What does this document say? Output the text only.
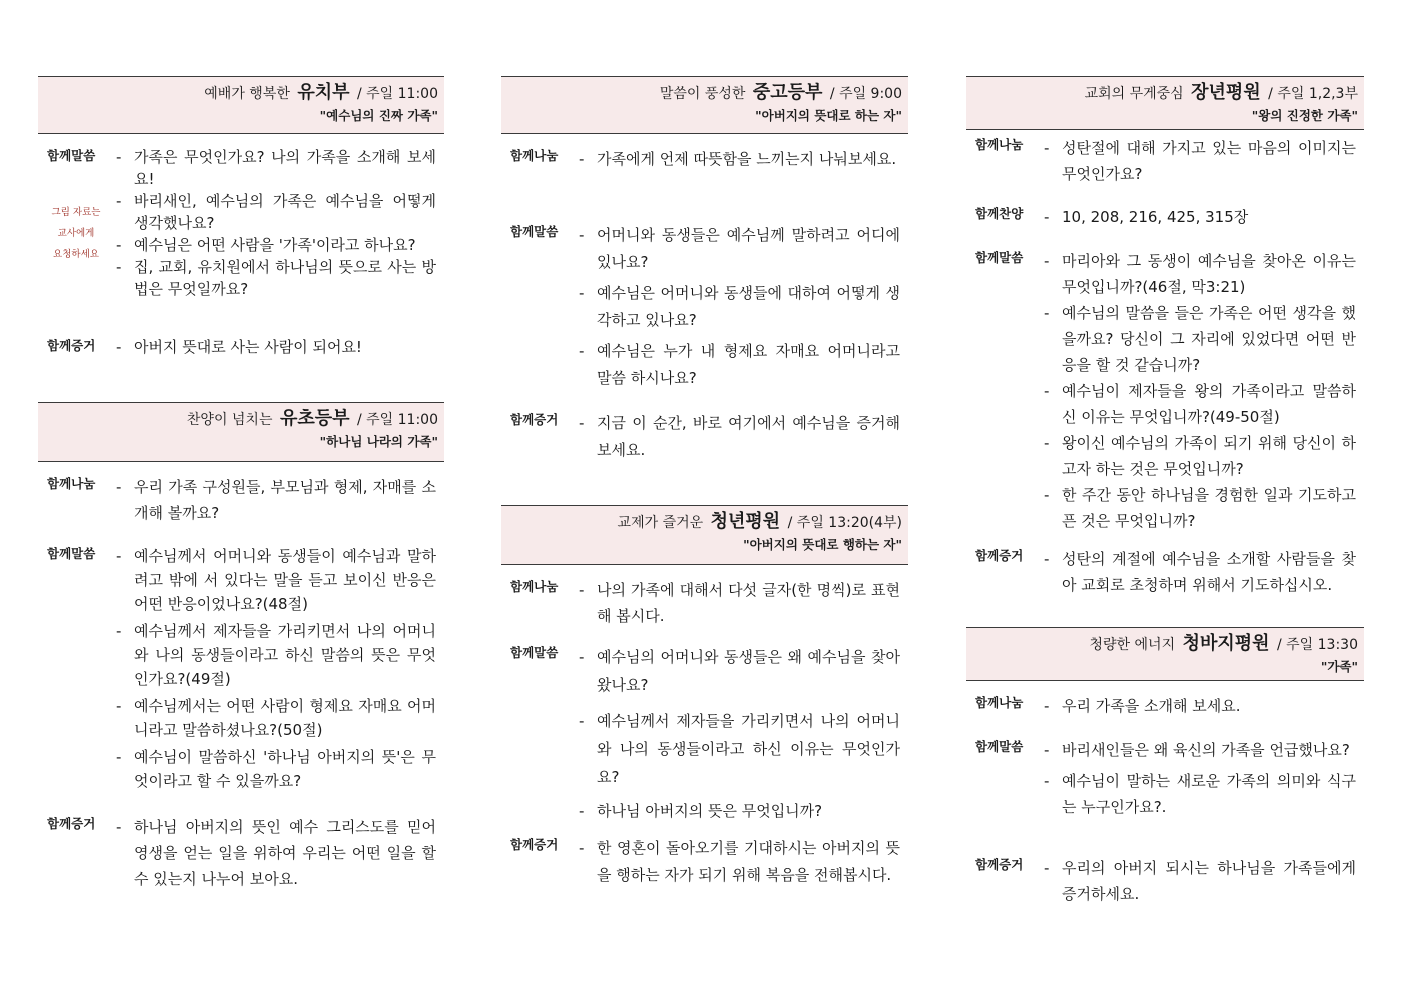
예배가 행복한 유치부 / 주일 11:00
"예수님의 진짜 가족"
함께말씀	- 가족은 무엇인가요? 나의 가족을 소개해 보세요!
- 바리새인, 예수님의 가족은 예수님을 어떻게 생각했나요?
- 예수님은 어떤 사람을 '가족'이라고 하나요?
- 집, 교회, 유치원에서 하나님의 뜻으로 사는 방법은 무엇일까요?
그림 자료는
교사에게
요청하세요
함께증거	- 아버지 뜻대로 사는 사람이 되어요!
찬양이 넘치는 유초등부 / 주일 11:00
"하나님 나라의 가족"
함께나눔	- 우리 가족 구성원들, 부모님과 형제, 자매를 소개해 볼까요?
함께말씀	- 예수님께서 어머니와 동생들이 예수님과 말하려고 밖에 서 있다는 말을 듣고 보이신 반응은 어떤 반응이었나요?(48절)
- 예수님께서 제자들을 가리키면서 나의 어머니와 나의 동생들이라고 하신 말씀의 뜻은 무엇인가요?(49절)
- 예수님께서는 어떤 사람이 형제요 자매요 어머니라고 말씀하셨나요?(50절)
- 예수님이 말씀하신 '하나님 아버지의 뜻'은 무엇이라고 할 수 있을까요?
함께증거	- 하나님 아버지의 뜻인 예수 그리스도를 믿어 영생을 얻는 일을 위하여 우리는 어떤 일을 할 수 있는지 나누어 보아요.
말씀이 풍성한 중고등부 / 주일 9:00
"아버지의 뜻대로 하는 자"
함께나눔	- 가족에게 언제 따뜻함을 느끼는지 나눠보세요.
함께말씀	- 어머니와 동생들은 예수님께 말하려고 어디에 있나요?
- 예수님은 어머니와 동생들에 대하여 어떻게 생각하고 있나요?
- 예수님은 누가 내 형제요 자매요 어머니라고 말씀 하시나요?
함께증거	- 지금 이 순간, 바로 여기에서 예수님을 증거해 보세요.
교제가 즐거운 청년평원 / 주일 13:20(4부)
"아버지의 뜻대로 행하는 자"
함께나눔	- 나의 가족에 대해서 다섯 글자(한 명씩)로 표현해 봅시다.
함께말씀	- 예수님의 어머니와 동생들은 왜 예수님을 찾아왔나요?
- 예수님께서 제자들을 가리키면서 나의 어머니와 나의 동생들이라고 하신 이유는 무엇인가요?
- 하나님 아버지의 뜻은 무엇입니까?
함께증거	- 한 영혼이 돌아오기를 기대하시는 아버지의 뜻을 행하는 자가 되기 위해 복음을 전해봅시다.
교회의 무게중심 장년평원 / 주일 1,2,3부
"왕의 진정한 가족"
함께나눔	- 성탄절에 대해 가지고 있는 마음의 이미지는 무엇인가요?
함께찬양	- 10, 208, 216, 425, 315장
함께말씀	- 마리아와 그 동생이 예수님을 찾아온 이유는 무엇입니까?(46절, 막3:21)
- 예수님의 말씀을 들은 가족은 어떤 생각을 했을까요? 당신이 그 자리에 있었다면 어떤 반응을 할 것 같습니까?
- 예수님이 제자들을 왕의 가족이라고 말씀하신 이유는 무엇입니까?(49-50절)
- 왕이신 예수님의 가족이 되기 위해 당신이 하고자 하는 것은 무엇입니까?
- 한 주간 동안 하나님을 경험한 일과 기도하고픈 것은 무엇입니까?
함께증거	- 성탄의 계절에 예수님을 소개할 사람들을 찾아 교회로 초청하며 위해서 기도하십시오.
청량한 에너지 청바지평원 / 주일 13:30
"가족"
함께나눔	- 우리 가족을 소개해 보세요.
함께말씀	- 바리새인들은 왜 육신의 가족을 언급했나요?
- 예수님이 말하는 새로운 가족의 의미와 식구는 누구인가요?.
함께증거	- 우리의 아버지 되시는 하나님을 가족들에게 증거하세요.
